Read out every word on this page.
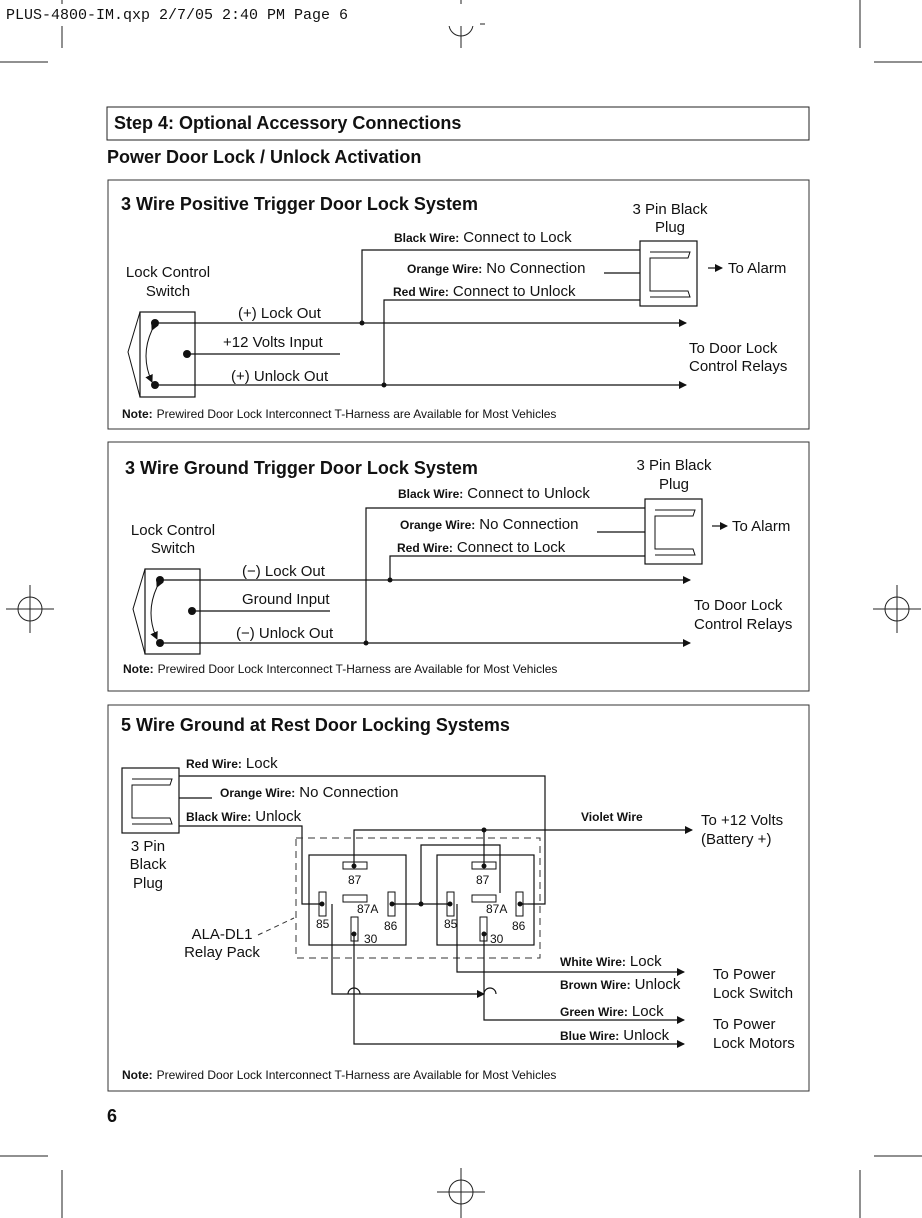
PLUS-4800-IM.qxp 2/7/05 2:40 PM Page 6
Step 4: Optional Accessory Connections
Power Door Lock / Unlock Activation
3 Wire Positive Trigger Door Lock System	3 Pin Black
Plug
To Alarm
Black Wire: Connect to Lock
Orange Wire: No Connection
Red Wire: Connect to Unlock
Lock Control
Switch
(+) Lock Out
+12 Volts Input
(+) Unlock Out
To Door Lock
Control Relays
Note: Prewired Door Lock Interconnect T-Harness are Available for Most Vehicles
3 Wire Ground Trigger Door Lock System	3 Pin Black
Plug
To Alarm
Black Wire: Connect to Unlock
Orange Wire: No Connection
Red Wire: Connect to Lock
Lock Control
Switch
(−) Lock Out
Ground Input
(−) Unlock Out
To Door Lock
Control Relays
Note: Prewired Door Lock Interconnect T-Harness are Available for Most Vehicles
5 Wire Ground at Rest Door Locking Systems
3 Pin
Black
Plug
Red Wire: Lock
Orange Wire: No Connection
Black Wire: Unlock	Violet Wire	To +12 Volts
(Battery +)
ALA-DL1
Relay Pack
87
87A
85	86
30
87
87A
85	86
30
White Wire: Lock
Brown Wire: Unlock
Green Wire: Lock
Blue Wire: Unlock
To Power
Lock Switch
To Power
Lock Motors
Note: Prewired Door Lock Interconnect T-Harness are Available for Most Vehicles
6
